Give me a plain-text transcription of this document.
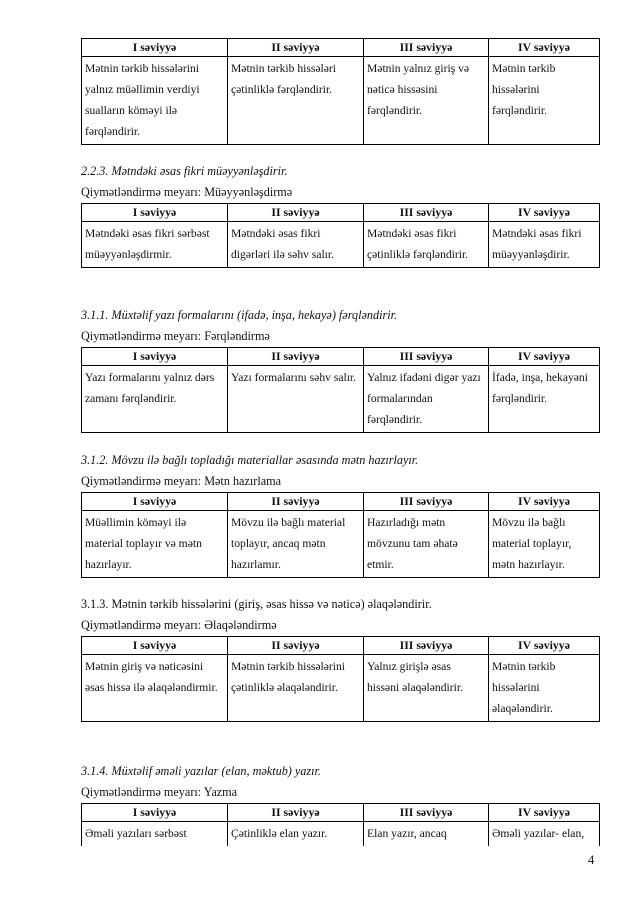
I səviyyə	II səviyyə	III səviyyə	IV səviyyə
Mətnin tərkib hissələrini yalnız müəllimin verdiyi sualların köməyi ilə fərqləndirir.	Mətnin tərkib hissələri çətinliklə fərqləndirir.	Mətnin yalnız giriş və nəticə hissəsini fərqləndirir.	Mətnin tərkib hissələrini fərqləndirir.

2.2.3. Mətndəki əsas fikri müəyyənləşdirir.

Qiymətləndirmə meyarı: Müəyyənləşdirmə

I səviyyə	II səviyyə	III səviyyə	IV səviyyə
Mətndəki əsas fikri sərbəst müəyyənləşdirmir.	Mətndəki əsas fikri digərləri ilə səhv salır.	Mətndəki əsas fikri çətinliklə fərqləndirir.	Mətndəki əsas fikri müəyyənləşdirir.

3.1.1. Müxtəlif yazı formalarını (ifadə, inşa, hekayə) fərqləndirir.

Qiymətləndirmə meyarı: Fərqləndirmə

I səviyyə	II səviyyə	III səviyyə	IV səviyyə
Yazı formalarını yalnız dərs zamanı fərqləndirir.	Yazı formalarını səhv salır.	Yalnız ifadəni digər yazı formalarından fərqləndirir.	İfadə, inşa, hekayəni fərqləndirir.

3.1.2. Mövzu ilə bağlı topladığı materiallar əsasında mətn hazırlayır.

Qiymətləndirmə meyarı: Mətn hazırlama

I səviyyə	II səviyyə	III səviyyə	IV səviyyə
Müəllimin köməyi ilə material toplayır və mətn hazırlayır.	Mövzu ilə bağlı material toplayır, ancaq mətn hazırlamır.	Hazırladığı mətn mövzunu tam əhatə etmir.	Mövzu ilə bağlı material toplayır, mətn hazırlayır.

3.1.3. Mətnin tərkib hissələrini (giriş, əsas hissə və nəticə) əlaqələndirir.

Qiymətləndirmə meyarı: Əlaqələndirmə

I səviyyə	II səviyyə	III səviyyə	IV səviyyə
Mətnin giriş və nəticəsini əsas hissə ilə əlaqələndirmir.	Mətnin tərkib hissələrini çətinliklə əlaqələndirir.	Yalnız girişlə əsas hissəni əlaqələndirir.	Mətnin tərkib hissələrini əlaqələndirir.

3.1.4. Müxtəlif əməli yazılar (elan, məktub) yazır.

Qiymətləndirmə meyarı: Yazma

I səviyyə	II səviyyə	III səviyyə	IV səviyyə
Əməli yazıları sərbəst	Çətinliklə elan yazır.	Elan yazır, ancaq	Əməli yazılar- elan,
4
